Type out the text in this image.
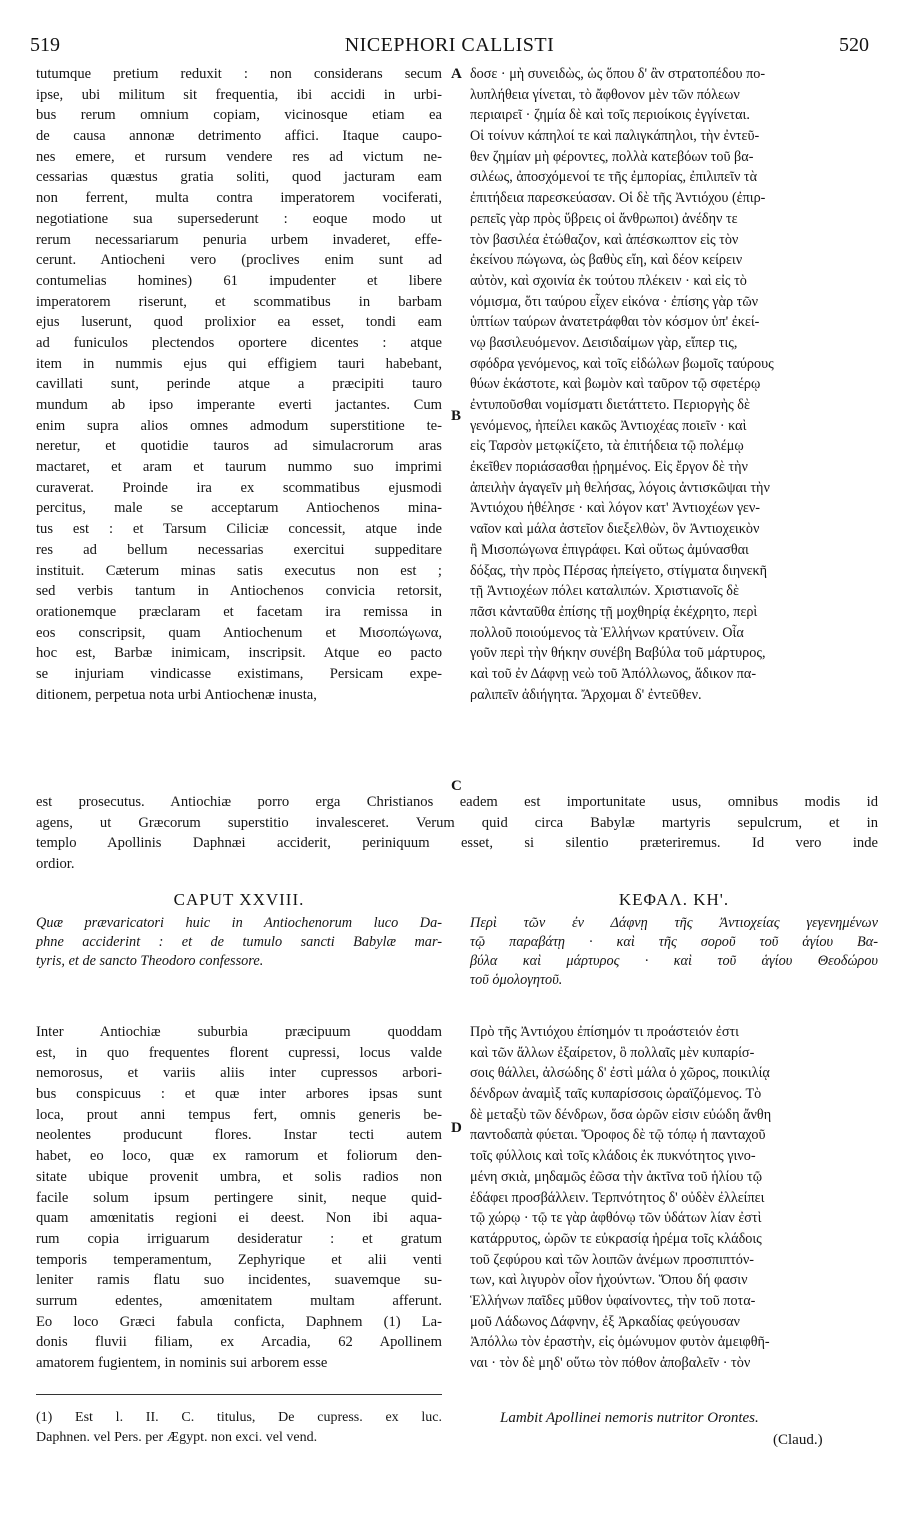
519	NICEPHORI CALLISTI	520
tutumque pretium reduxit : non considerans secum
ipse, ubi militum sit frequentia, ibi accidi in urbi-
bus rerum omnium copiam, vicinosque etiam ea
de causa annonæ detrimento affici. Itaque caupo-
nes emere, et rursum vendere res ad victum ne-
cessarias quæstus gratia soliti, quod jacturam eam
non ferrent, multa contra imperatorem vociferati,
negotiatione sua supersederunt : eoque modo ut
rerum necessariarum penuria urbem invaderet, effe-
cerunt. Antiocheni vero (proclives enim sunt ad
contumelias homines) 61 impudenter et libere
imperatorem riserunt, et scommatibus in barbam
ejus luserunt, quod prolixior ea esset, tondi eam
ad funiculos plectendos oportere dicentes : atque
item in nummis ejus qui effigiem tauri habebant,
cavillati sunt, perinde atque a præcipiti tauro
mundum ab ipso imperante everti jactantes. Cum
enim supra alios omnes admodum superstitione te-
neretur, et quotidie tauros ad simulacrorum aras
mactaret, et aram et taurum nummo suo imprimi
curaverat. Proinde ira ex scommatibus ejusmodi
percitus, male se acceptarum Antiochenos mina-
tus est : et Tarsum Ciliciæ concessit, atque inde
res ad bellum necessarias exercitui suppeditare
instituit. Cæterum minas satis executus non est ;
sed verbis tantum in Antiochenos convicia retorsit,
orationemque præclaram et facetam ira remissa in
eos conscripsit, quam Antiochenum et Μισοπώγωνα,
hoc est, Barbæ inimicam, inscripsit. Atque eo pacto
se injuriam vindicasse existimans, Persicam expe-
ditionem, perpetua nota urbi Antiochenæ inusta,
δοσε · μὴ συνειδὼς, ὡς ὅπου δ' ἂν στρατοπέδου πο-
λυπλήθεια γίνεται, τὸ ἄφθονον μὲν τῶν πόλεων
περιαιρεῖ · ζημία δὲ καὶ τοῖς περιοίκοις ἐγγίνεται.
Οἱ τοίνυν κάπηλοί τε καὶ παλιγκάπηλοι, τὴν ἐντεῦ-
θεν ζημίαν μὴ φέροντες, πολλὰ κατεβόων τοῦ βα-
σιλέως, ἀποσχόμενοί τε τῆς ἐμπορίας, ἐπιλιπεῖν τὰ
ἐπιτήδεια παρεσκεύασαν. Οἱ δὲ τῆς Ἀντιόχου (ἐπιρ-
ρεπεῖς γὰρ πρὸς ὕβρεις οἱ ἄνθρωποι) ἀνέδην τε
τὸν βασιλέα ἐτώθαζον, καὶ ἀπέσκωπτον εἰς τὸν
ἐκείνου πώγωνα, ὡς βαθὺς εἴη, καὶ δέον κείρειν
αὐτὸν, καὶ σχοινία ἐκ τούτου πλέκειν · καὶ εἰς τὸ
νόμισμα, ὅτι ταύρου εἶχεν εἰκόνα · ἐπίσης γὰρ τῶν
ὑπτίων ταύρων ἀνατετράφθαι τὸν κόσμον ὑπ' ἐκεί-
νῳ βασιλευόμενον. Δεισιδαίμων γὰρ, εἴπερ τις,
σφόδρα γενόμενος, καὶ τοῖς εἰδώλων βωμοῖς ταύρους
θύων ἑκάστοτε, καὶ βωμὸν καὶ ταῦρον τῷ σφετέρῳ
ἐντυποῦσθαι νομίσματι διετάττετο. Περιοργὴς δὲ
γενόμενος, ἠπείλει κακῶς Ἀντιοχέας ποιεῖν · καὶ
εἰς Ταρσὸν μετῳκίζετο, τὰ ἐπιτήδεια τῷ πολέμῳ
ἐκεῖθεν ποριάσασθαι ᾑρημένος. Εἰς ἔργον δὲ τὴν
ἀπειλὴν ἀγαγεῖν μὴ θελήσας, λόγοις ἀντισκῶψαι τὴν
Ἀντιόχου ἠθέλησε · καὶ λόγον κατ' Ἀντιοχέων γεν-
ναῖον καὶ μάλα ἀστεῖον διεξελθὼν, ὃν Ἀντιοχεικὸν
ἢ Μισοπώγωνα ἐπιγράφει. Καὶ οὕτως ἀμύνασθαι
δόξας, τὴν πρὸς Πέρσας ἠπείγετο, στίγματα διηνεκῆ
τῇ Ἀντιοχέων πόλει καταλιπών. Χριστιανοῖς δὲ
πᾶσι κἀνταῦθα ἐπίσης τῇ μοχθηρίᾳ ἐκέχρητο, περὶ
πολλοῦ ποιούμενος τὰ Ἑλλήνων κρατύνειν. Οἷα
γοῦν περὶ τὴν θήκην συνέβη Βαβύλα τοῦ μάρτυρος,
καὶ τοῦ ἐν Δάφνῃ νεὼ τοῦ Ἀπόλλωνος, ἄδικον πα-
ραλιπεῖν ἀδιήγητα. Ἄρχομαι δ' ἐντεῦθεν.
A
B
C
D
est prosecutus. Antiochiæ porro erga Christianos eadem est importunitate usus, omnibus modis id
agens, ut Græcorum superstitio invalesceret. Verum quid circa Babylæ martyris sepulcrum, et in
templo Apollinis Daphnæi acciderit, periniquum esset, si silentio præteriremus. Id vero inde
ordior.
CAPUT XXVIII.
Quæ prævaricatori huic in Antiochenorum luco Da-
phne acciderint : et de tumulo sancti Babylæ mar-
tyris, et de sancto Theodoro confessore.
Inter Antiochiæ suburbia præcipuum quoddam
est, in quo frequentes florent cupressi, locus valde
nemorosus, et variis aliis inter cupressos arbori-
bus conspicuus : et quæ inter arbores ipsas sunt
loca, prout anni tempus fert, omnis generis be-
neolentes producunt flores. Instar tecti autem
habet, eo loco, quæ ex ramorum et foliorum den-
sitate ubique provenit umbra, et solis radios non
facile solum ipsum pertingere sinit, neque quid-
quam amœnitatis regioni ei deest. Non ibi aqua-
rum copia irriguarum desideratur : et gratum
temporis temperamentum, Zephyrique et alii venti
leniter ramis flatu suo incidentes, suavemque su-
surrum edentes, amœnitatem multam afferunt.
Eo loco Græci fabula conficta, Daphnem (1) La-
donis fluvii filiam, ex Arcadia, 62 Apollinem
amatorem fugientem, in nominis sui arborem esse
(1) Est l. II. C. titulus, De cupress. ex luc.
Daphnen. vel Pers. per Ægypt. non exci. vel vend.
ΚΕΦΑΛ. ΚΗ'.
Περὶ τῶν ἐν Δάφνῃ τῆς Ἀντιοχείας γεγενημένων
τῷ παραβάτῃ · καὶ τῆς σοροῦ τοῦ ἁγίου Βα-
βύλα καὶ μάρτυρος · καὶ τοῦ ἁγίου Θεοδώρου
τοῦ ὁμολογητοῦ.
Πρὸ τῆς Ἀντιόχου ἐπίσημόν τι προάστειόν ἐστι
καὶ τῶν ἄλλων ἐξαίρετον, ὃ πολλαῖς μὲν κυπαρίσ-
σοις θάλλει, ἀλσώδης δ' ἐστὶ μάλα ὁ χῶρος, ποικιλίᾳ
δένδρων ἀναμὶξ ταῖς κυπαρίσσοις ὡραϊζόμενος. Τὸ
δὲ μεταξὺ τῶν δένδρων, ὅσα ὡρῶν εἰσιν εὐώδη ἄνθη
παντοδαπὰ φύεται. Ὄροφος δὲ τῷ τόπῳ ἡ πανταχοῦ
τοῖς φύλλοις καὶ τοῖς κλάδοις ἐκ πυκνότητος γινο-
μένη σκιὰ, μηδαμῶς ἐῶσα τὴν ἀκτῖνα τοῦ ἡλίου τῷ
ἐδάφει προσβάλλειν. Τερπνότητος δ' οὐδὲν ἐλλείπει
τῷ χώρῳ · τῷ τε γὰρ ἀφθόνῳ τῶν ὑδάτων λίαν ἐστὶ
κατάρρυτος, ὡρῶν τε εὐκρασίᾳ ἠρέμα τοῖς κλάδοις
τοῦ ζεφύρου καὶ τῶν λοιπῶν ἀνέμων προσπιπτόν-
των, καὶ λιγυρὸν οἷον ἠχούντων. Ὅπου δή φασιν
Ἑλλήνων παῖδες μῦθον ὑφαίνοντες, τὴν τοῦ ποτα-
μοῦ Λάδωνος Δάφνην, ἐξ Ἀρκαδίας φεύγουσαν
Ἀπόλλω τὸν ἐραστὴν, εἰς ὁμώνυμον φυτὸν ἀμειφθῆ-
ναι · τὸν δὲ μηδ' οὕτω τὸν πόθον ἀποβαλεῖν · τὸν
Lambit Apollinei nemoris nutritor Orontes.
(Claud.)
